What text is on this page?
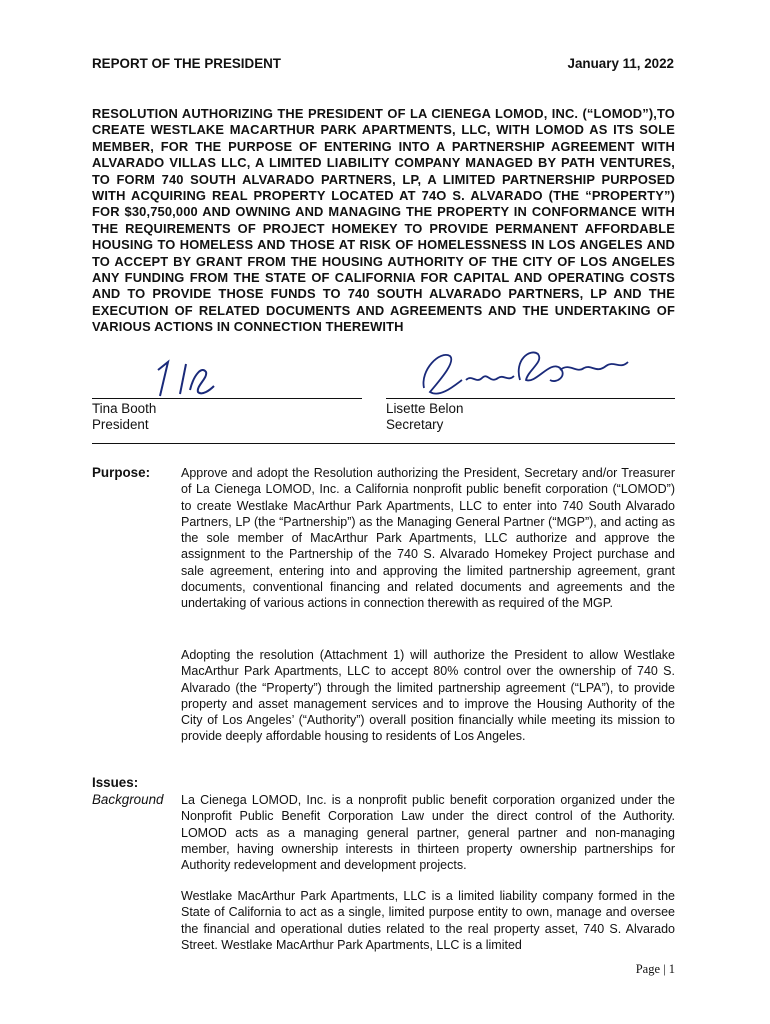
REPORT OF THE PRESIDENT	January 11, 2022
RESOLUTION AUTHORIZING THE PRESIDENT OF LA CIENEGA LOMOD, INC. (“LOMOD”),TO CREATE WESTLAKE MACARTHUR PARK APARTMENTS, LLC, WITH LOMOD AS ITS SOLE MEMBER, FOR THE PURPOSE OF ENTERING INTO A PARTNERSHIP AGREEMENT WITH ALVARADO VILLAS LLC, A LIMITED LIABILITY COMPANY MANAGED BY PATH VENTURES, TO FORM 740 SOUTH ALVARADO PARTNERS, LP, A LIMITED PARTNERSHIP PURPOSED WITH ACQUIRING REAL PROPERTY LOCATED AT 74O S. ALVARADO (THE “PROPERTY”) FOR $30,750,000 AND OWNING AND MANAGING THE PROPERTY IN CONFORMANCE WITH THE REQUIREMENTS OF PROJECT HOMEKEY TO PROVIDE PERMANENT AFFORDABLE HOUSING TO HOMELESS AND THOSE AT RISK OF HOMELESSNESS IN LOS ANGELES AND TO ACCEPT BY GRANT FROM THE HOUSING AUTHORITY OF THE CITY OF LOS ANGELES ANY FUNDING FROM THE STATE OF CALIFORNIA FOR CAPITAL AND OPERATING COSTS AND TO PROVIDE THOSE FUNDS TO 740 SOUTH ALVARADO PARTNERS, LP AND THE EXECUTION OF RELATED DOCUMENTS AND AGREEMENTS AND THE UNDERTAKING OF VARIOUS ACTIONS IN CONNECTION THEREWITH
Tina Booth
President
Lisette Belon
Secretary
Purpose: Approve and adopt the Resolution authorizing the President, Secretary and/or Treasurer of La Cienega LOMOD, Inc. a California nonprofit public benefit corporation (“LOMOD”) to create Westlake MacArthur Park Apartments, LLC to enter into 740 South Alvarado Partners, LP (the “Partnership”) as the Managing General Partner (“MGP”), and acting as the sole member of MacArthur Park Apartments, LLC authorize and approve the assignment to the Partnership of the 740 S. Alvarado Homekey Project purchase and sale agreement, entering into and approving the limited partnership agreement, grant documents, conventional financing and related documents and agreements and the undertaking of various actions in connection therewith as required of the MGP.
Adopting the resolution (Attachment 1) will authorize the President to allow Westlake MacArthur Park Apartments, LLC to accept 80% control over the ownership of 740 S. Alvarado (the “Property”) through the limited partnership agreement (“LPA”), to provide property and asset management services and to improve the Housing Authority of the City of Los Angeles’ (“Authority”) overall position financially while meeting its mission to provide deeply affordable housing to residents of Los Angeles.
Issues:
Background La Cienega LOMOD, Inc. is a nonprofit public benefit corporation organized under the Nonprofit Public Benefit Corporation Law under the direct control of the Authority. LOMOD acts as a managing general partner, general partner and non-managing member, having ownership interests in thirteen property ownership partnerships for Authority redevelopment and development projects.
Westlake MacArthur Park Apartments, LLC is a limited liability company formed in the State of California to act as a single, limited purpose entity to own, manage and oversee the financial and operational duties related to the real property asset, 740 S. Alvarado Street. Westlake MacArthur Park Apartments, LLC is a limited
Page | 1
